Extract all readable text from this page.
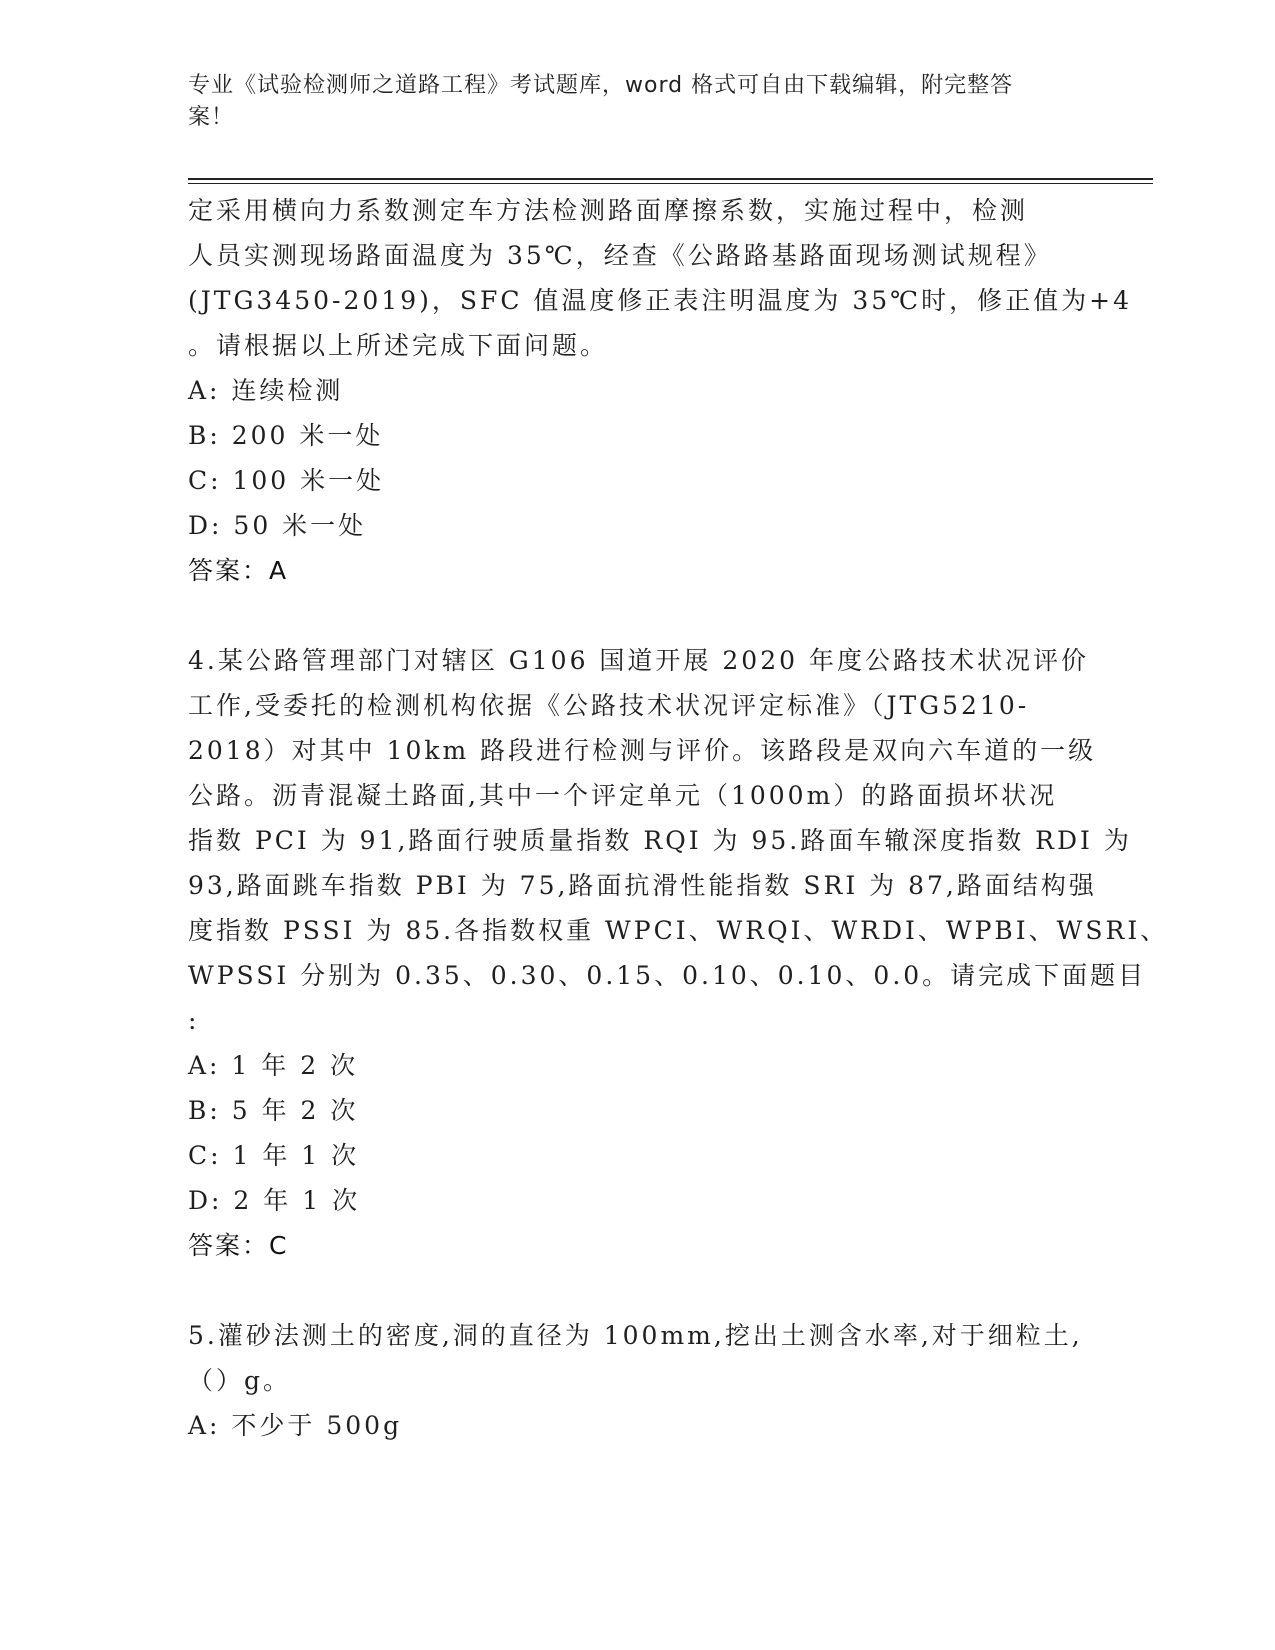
专业《试验检测师之道路工程》考试题库，word 格式可自由下载编辑，附完整答
案！
定采用横向力系数测定车方法检测路面摩擦系数，实施过程中，检测
人员实测现场路面温度为 35℃，经查《公路路基路面现场测试规程》
(JTG3450-2019)，SFC 值温度修正表注明温度为 35℃时，修正值为+4
。请根据以上所述完成下面问题。
A: 连续检测
B: 200 米一处
C: 100 米一处
D: 50 米一处
答案：A
4.某公路管理部门对辖区 G106 国道开展 2020 年度公路技术状况评价
工作,受委托的检测机构依据《公路技术状况评定标准》（JTG5210-
2018）对其中 10km 路段进行检测与评价。该路段是双向六车道的一级
公路。沥青混凝土路面,其中一个评定单元（1000m）的路面损坏状况
指数 PCI 为 91,路面行驶质量指数 RQI 为 95.路面车辙深度指数 RDI 为
93,路面跳车指数 PBI 为 75,路面抗滑性能指数 SRI 为 87,路面结构强
度指数 PSSI 为 85.各指数权重 WPCI、WRQI、WRDI、WPBI、WSRI、
WPSSI 分别为 0.35、0.30、0.15、0.10、0.10、0.0。请完成下面题目
:
A: 1 年 2 次
B: 5 年 2 次
C: 1 年 1 次
D: 2 年 1 次
答案：C
5.灌砂法测土的密度,洞的直径为 100mm,挖出土测含水率,对于细粒土,
（）g。
A: 不少于 500g
